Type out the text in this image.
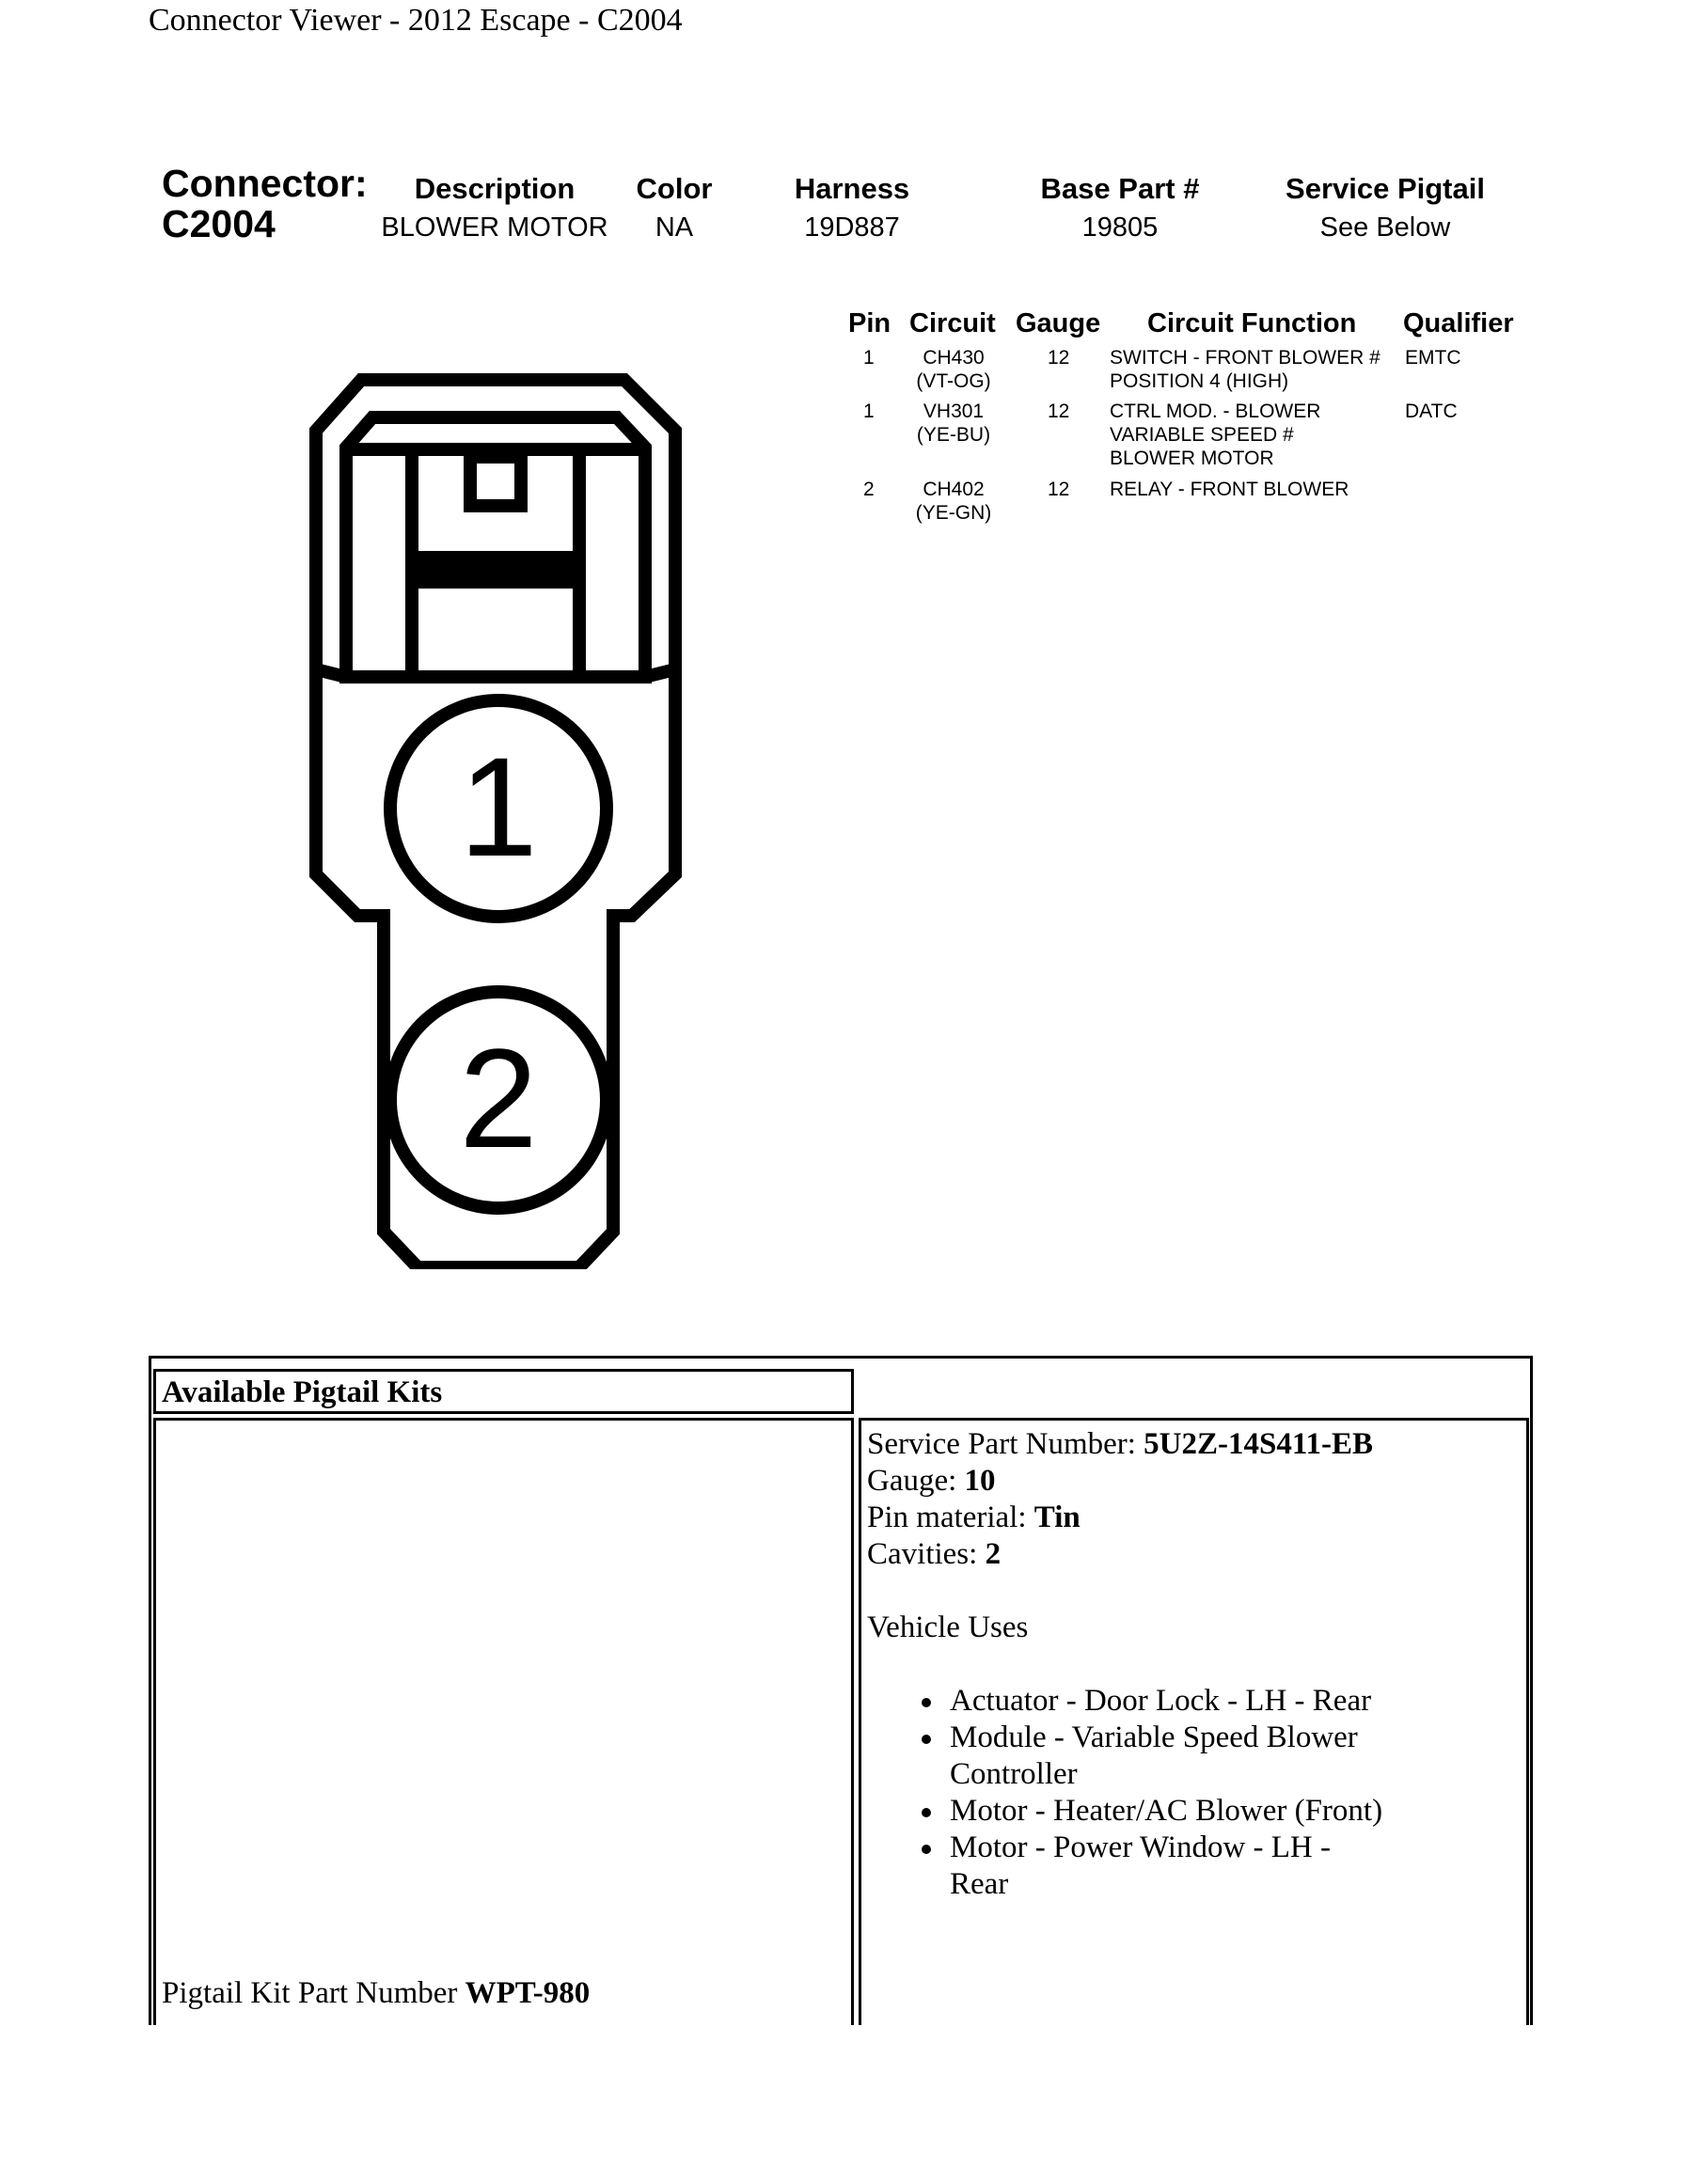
Connector Viewer - 2012 Escape - C2004
Connector:
C2004
Description
BLOWER MOTOR
Color
NA
Harness
19D887
Base Part #
19805
Service Pigtail
See Below
Pin Circuit Gauge Circuit Function Qualifier
1 CH430
(VT-OG)
12 SWITCH - FRONT BLOWER #
POSITION 4 (HIGH)
EMTC
1 VH301
(YE-BU)
12 CTRL MOD. - BLOWER
VARIABLE SPEED #
BLOWER MOTOR
DATC
2 CH402
(YE-GN)
12 RELAY - FRONT BLOWER
1
2
Available Pigtail Kits
Pigtail Kit Part Number WPT-980
Service Part Number: 5U2Z-14S411-EB
Gauge: 10
Pin material: Tin
Cavities: 2
Vehicle Uses
Actuator - Door Lock - LH - Rear
Module - Variable Speed Blower Controller
Motor - Heater/AC Blower (Front)
Motor - Power Window - LH - Rear
